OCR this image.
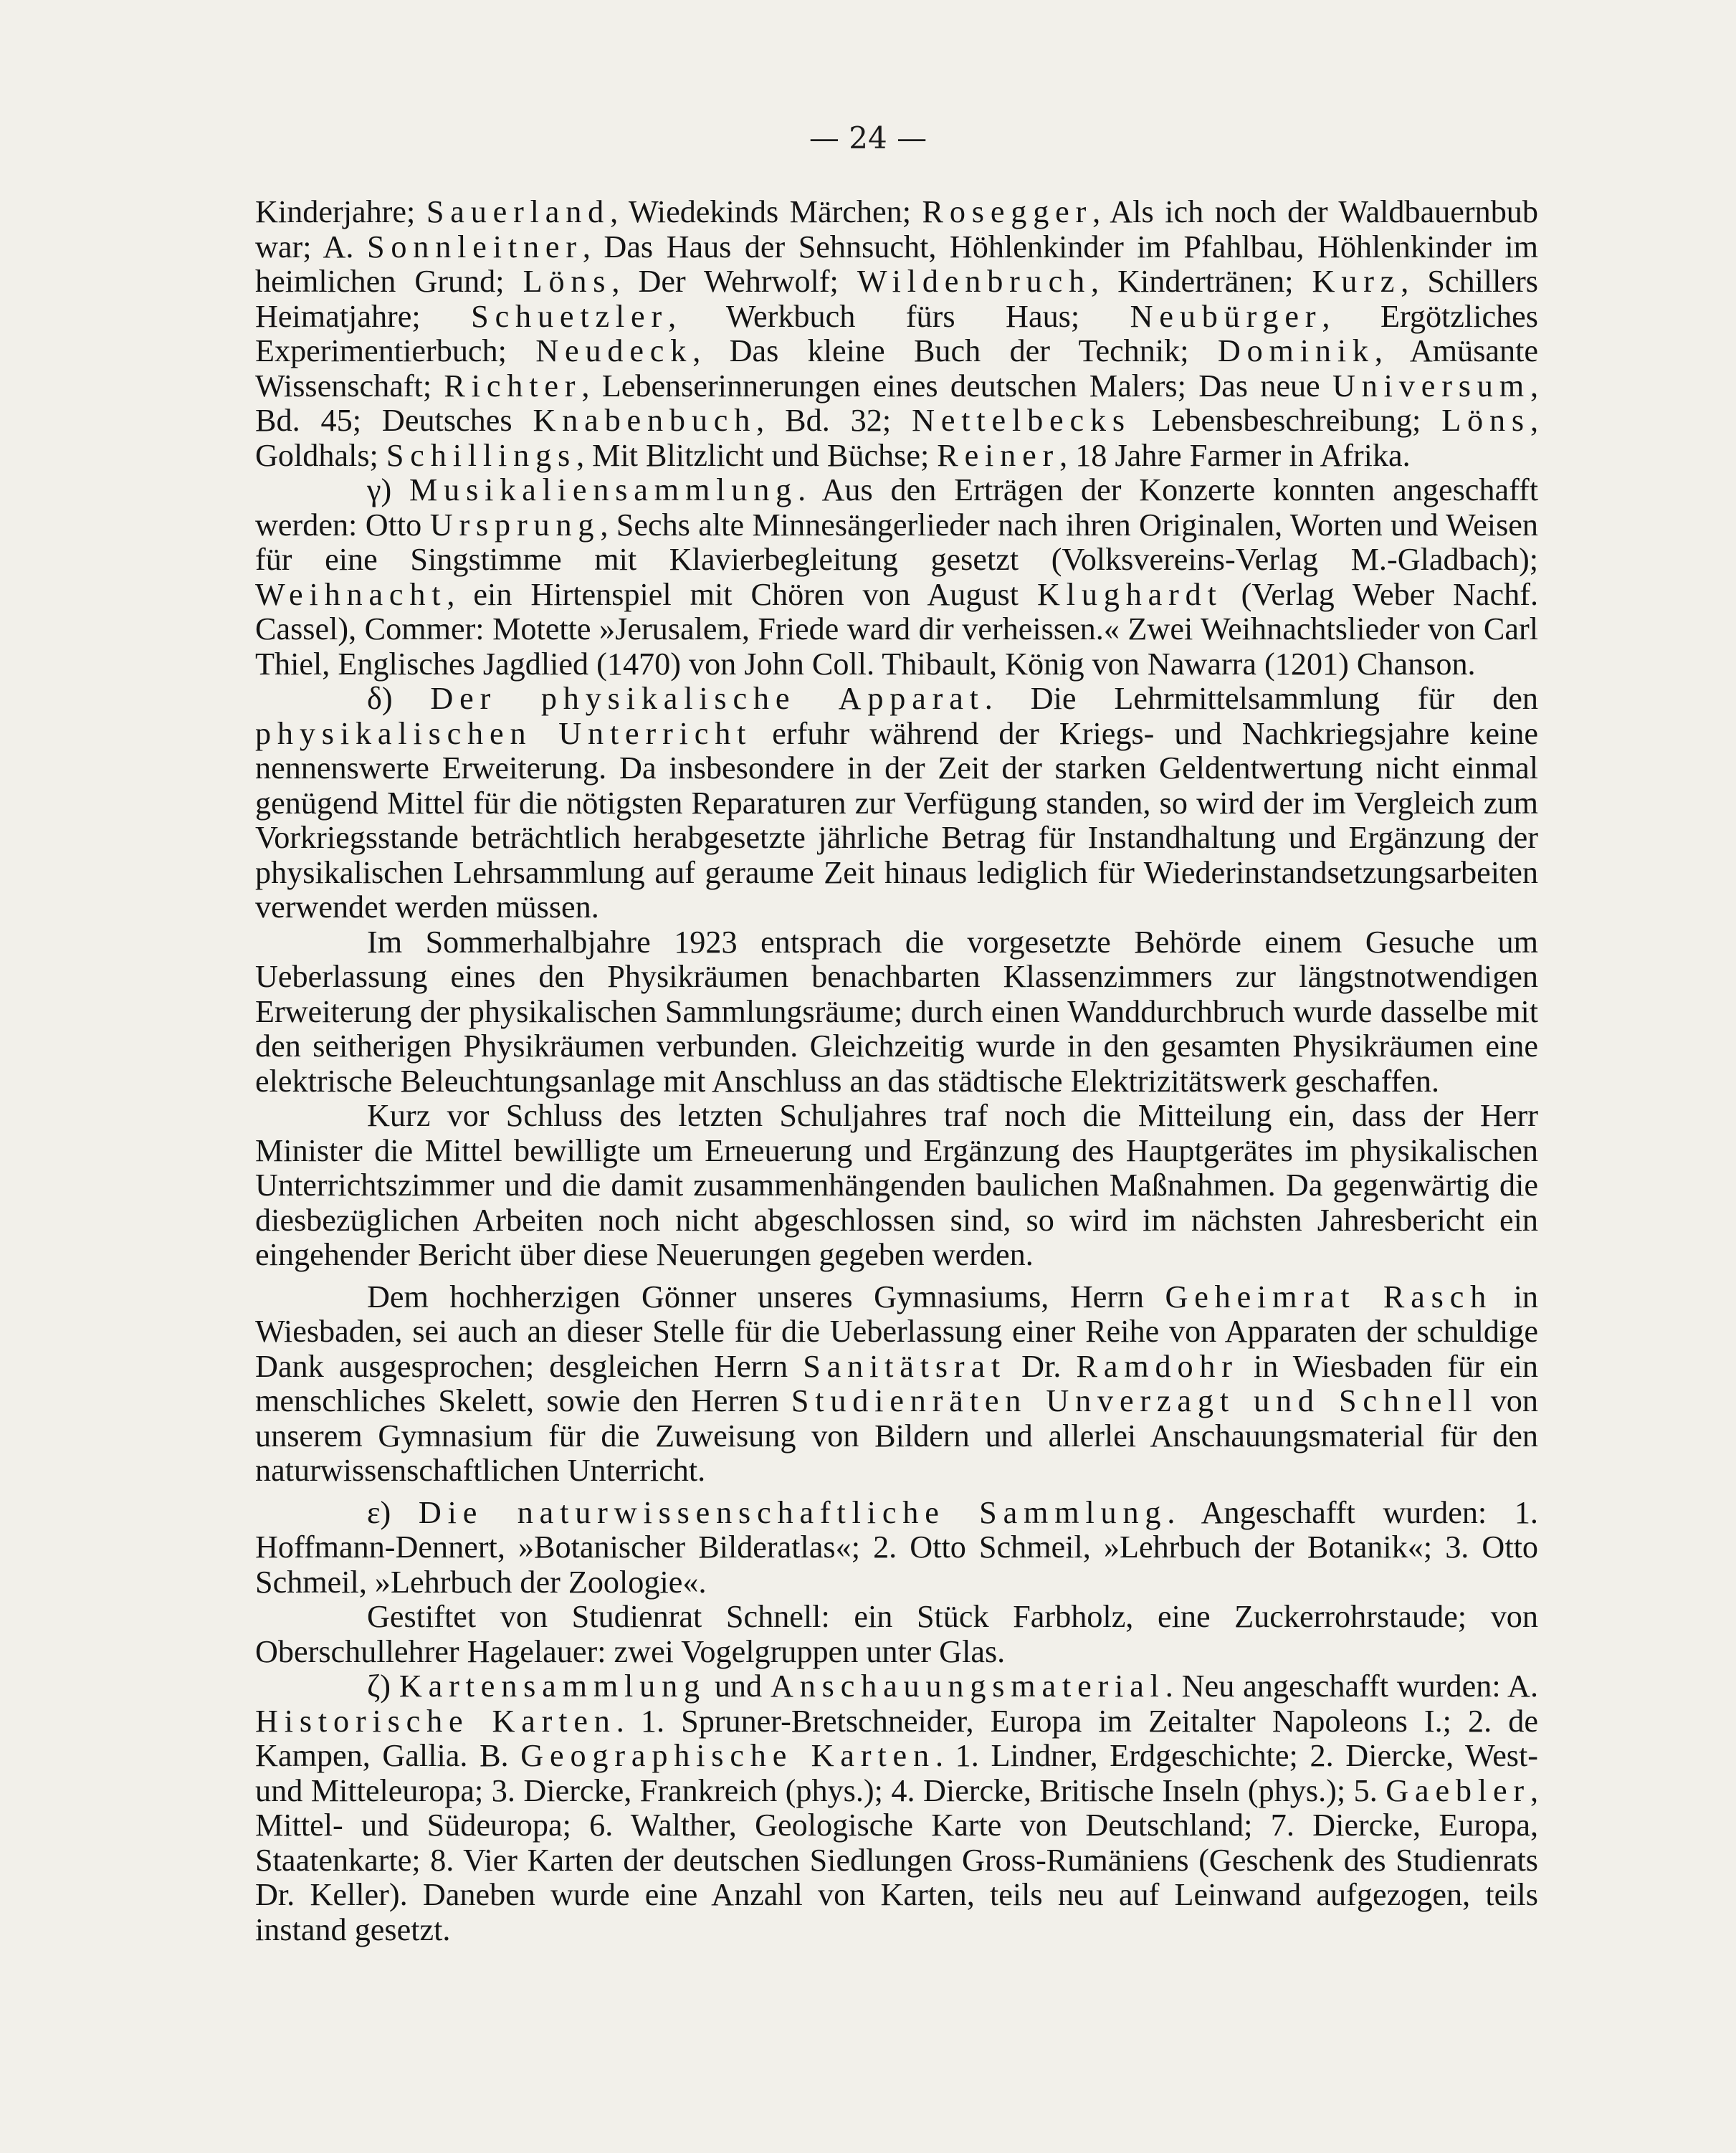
— 24 —

Kinderjahre; Sauerland, Wiedekinds Märchen; Rosegger, Als ich noch der Waldbauernbub war; A. Sonnleitner, Das Haus der Sehnsucht, Höhlenkinder im Pfahlbau, Höhlenkinder im heimlichen Grund; Löns, Der Wehrwolf; Wildenbruch, Kindertränen; Kurz, Schillers Heimatjahre; Schuetzler, Werkbuch fürs Haus; Neubürger, Ergötzliches Experimentierbuch; Neudeck, Das kleine Buch der Technik; Dominik, Amüsante Wissenschaft; Richter, Lebenserinnerungen eines deutschen Malers; Das neue Universum, Bd. 45; Deutsches Knabenbuch, Bd. 32; Nettelbecks Lebensbeschreibung; Löns, Goldhals; Schillings, Mit Blitzlicht und Büchse; Reiner, 18 Jahre Farmer in Afrika.

γ) Musikaliensammlung. Aus den Erträgen der Konzerte konnten angeschafft werden: Otto Ursprung, Sechs alte Minnesängerlieder nach ihren Originalen, Worten und Weisen für eine Singstimme mit Klavierbegleitung gesetzt (Volksvereins-Verlag M.-Gladbach); Weihnacht, ein Hirtenspiel mit Chören von August Klughardt (Verlag Weber Nachf. Cassel), Commer: Motette »Jerusalem, Friede ward dir verheissen.« Zwei Weihnachtslieder von Carl Thiel, Englisches Jagdlied (1470) von John Coll. Thibault, König von Nawarra (1201) Chanson.

δ) Der physikalische Apparat. Die Lehrmittelsammlung für den physikalischen Unterricht erfuhr während der Kriegs- und Nachkriegsjahre keine nennenswerte Erweiterung. Da insbesondere in der Zeit der starken Geldentwertung nicht einmal genügend Mittel für die nötigsten Reparaturen zur Verfügung standen, so wird der im Vergleich zum Vorkriegsstande beträchtlich herabgesetzte jährliche Betrag für Instandhaltung und Ergänzung der physikalischen Lehrsammlung auf geraume Zeit hinaus lediglich für Wiederinstandsetzungsarbeiten verwendet werden müssen.

Im Sommerhalbjahre 1923 entsprach die vorgesetzte Behörde einem Gesuche um Ueberlassung eines den Physikräumen benachbarten Klassenzimmers zur längstnotwendigen Erweiterung der physikalischen Sammlungsräume; durch einen Wanddurchbruch wurde dasselbe mit den seitherigen Physikräumen verbunden. Gleichzeitig wurde in den gesamten Physikräumen eine elektrische Beleuchtungsanlage mit Anschluss an das städtische Elektrizitätswerk geschaffen.

Kurz vor Schluss des letzten Schuljahres traf noch die Mitteilung ein, dass der Herr Minister die Mittel bewilligte um Erneuerung und Ergänzung des Hauptgerätes im physikalischen Unterrichtszimmer und die damit zusammenhängenden baulichen Maßnahmen. Da gegenwärtig die diesbezüglichen Arbeiten noch nicht abgeschlossen sind, so wird im nächsten Jahresbericht ein eingehender Bericht über diese Neuerungen gegeben werden.

Dem hochherzigen Gönner unseres Gymnasiums, Herrn Geheimrat Rasch in Wiesbaden, sei auch an dieser Stelle für die Ueberlassung einer Reihe von Apparaten der schuldige Dank ausgesprochen; desgleichen Herrn Sanitätsrat Dr. Ramdohr in Wiesbaden für ein menschliches Skelett, sowie den Herren Studienräten Unverzagt und Schnell von unserem Gymnasium für die Zuweisung von Bildern und allerlei Anschauungsmaterial für den naturwissenschaftlichen Unterricht.

ε) Die naturwissenschaftliche Sammlung. Angeschafft wurden: 1. Hoffmann-Dennert, »Botanischer Bilderatlas«; 2. Otto Schmeil, »Lehrbuch der Botanik«; 3. Otto Schmeil, »Lehrbuch der Zoologie«.

Gestiftet von Studienrat Schnell: ein Stück Farbholz, eine Zuckerrohrstaude; von Oberschullehrer Hagelauer: zwei Vogelgruppen unter Glas.

ζ) Kartensammlung und Anschauungsmaterial. Neu angeschafft wurden: A. Historische Karten. 1. Spruner-Bretschneider, Europa im Zeitalter Napoleons I.; 2. de Kampen, Gallia. B. Geographische Karten. 1. Lindner, Erdgeschichte; 2. Diercke, West- und Mitteleuropa; 3. Diercke, Frankreich (phys.); 4. Diercke, Britische Inseln (phys.); 5. Gaebler, Mittel- und Südeuropa; 6. Walther, Geologische Karte von Deutschland; 7. Diercke, Europa, Staatenkarte; 8. Vier Karten der deutschen Siedlungen Gross-Rumäniens (Geschenk des Studienrats Dr. Keller). Daneben wurde eine Anzahl von Karten, teils neu auf Leinwand aufgezogen, teils instand gesetzt.
